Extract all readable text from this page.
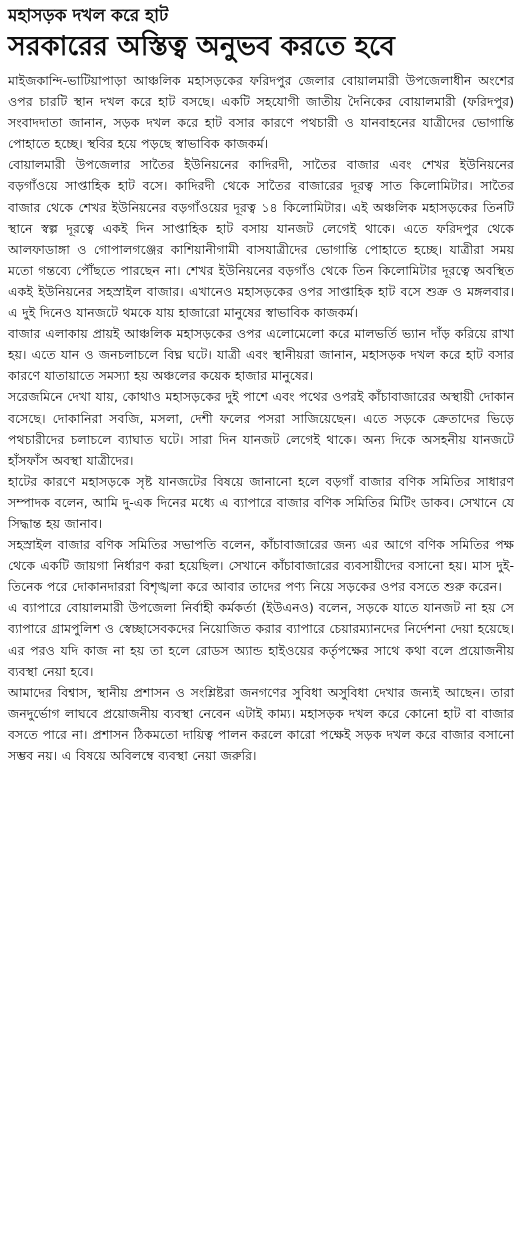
মহাসড়ক দখল করে হাট
সরকারের অস্তিত্ব অনুভব করতে হবে

মাইজকান্দি-ভাটিয়াপাড়া আঞ্চলিক মহাসড়কের ফরিদপুর জেলার বোয়ালমারী উপজেলাধীন অংশের ওপর চারটি স্থান দখল করে হাট বসছে। একটি সহযোগী জাতীয় দৈনিকের বোয়ালমারী (ফরিদপুর) সংবাদদাতা জানান, সড়ক দখল করে হাট বসার কারণে পথচারী ও যানবাহনের যাত্রীদের ভোগান্তি পোহাতে হচ্ছে। স্থবির হয়ে পড়ছে স্বাভাবিক কাজকর্ম।

বোয়ালমারী উপজেলার সাতৈর ইউনিয়নের কাদিরদী, সাতৈর বাজার এবং শেখর ইউনিয়নের বড়গাঁওয়ে সাপ্তাহিক হাট বসে। কাদিরদী থেকে সাতৈর বাজারের দূরত্ব সাত কিলোমিটার। সাতৈর বাজার থেকে শেখর ইউনিয়নের বড়গাঁওয়ের দূরত্ব ১৪ কিলোমিটার। এই অঞ্চলিক মহাসড়কের তিনটি স্থানে স্বল্প দূরত্বে একই দিন সাপ্তাহিক হাট বসায় যানজট লেগেই থাকে। এতে ফরিদপুর থেকে আলফাডাঙ্গা ও গোপালগঞ্জের কাশিয়ানীগামী বাসযাত্রীদের ভোগান্তি পোহাতে হচ্ছে। যাত্রীরা সময় মতো গন্তব্যে পৌঁছতে পারছেন না। শেখর ইউনিয়নের বড়গাঁও থেকে তিন কিলোমিটার দূরত্বে অবস্থিত একই ইউনিয়নের সহস্রাইল বাজার। এখানেও মহাসড়কের ওপর সাপ্তাহিক হাট বসে শুক্র ও মঙ্গলবার। এ দুই দিনেও যানজটে থমকে যায় হাজারো মানুষের স্বাভাবিক কাজকর্ম।

বাজার এলাকায় প্রায়ই আঞ্চলিক মহাসড়কের ওপর এলোমেলো করে মালভর্তি ভ্যান দাঁড় করিয়ে রাখা হয়। এতে যান ও জনচলাচলে বিঘ্ন ঘটে। যাত্রী এবং স্থানীয়রা জানান, মহাসড়ক দখল করে হাট বসার কারণে যাতায়াতে সমস্যা হয় অঞ্চলের কয়েক হাজার মানুষের।

সরেজমিনে দেখা যায়, কোথাও মহাসড়কের দুই পাশে এবং পথের ওপরই কাঁচাবাজারের অস্থায়ী দোকান বসেছে। দোকানিরা সবজি, মসলা, দেশী ফলের পসরা সাজিয়েছেন। এতে সড়কে ক্রেতাদের ভিড়ে পথচারীদের চলাচলে ব্যাঘাত ঘটে। সারা দিন যানজট লেগেই থাকে। অন্য দিকে অসহনীয় যানজটে হাঁসফাঁস অবস্থা যাত্রীদের।

হাটের কারণে মহাসড়কে সৃষ্ট যানজটের বিষয়ে জানানো হলে বড়গাঁ বাজার বণিক সমিতির সাধারণ সম্পাদক বলেন, আমি দু-এক দিনের মধ্যে এ ব্যাপারে বাজার বণিক সমিতির মিটিং ডাকব। সেখানে যে সিদ্ধান্ত হয় জানাব।

সহস্রাইল বাজার বণিক সমিতির সভাপতি বলেন, কাঁচাবাজারের জন্য এর আগে বণিক সমিতির পক্ষ থেকে একটি জায়গা নির্ধারণ করা হয়েছিল। সেখানে কাঁচাবাজারের ব্যবসায়ীদের বসানো হয়। মাস দুই-তিনেক পরে দোকানদাররা বিশৃঙ্খলা করে আবার তাদের পণ্য নিয়ে সড়কের ওপর বসতে শুরু করেন।

এ ব্যাপারে বোয়ালমারী উপজেলা নির্বাহী কর্মকর্তা (ইউএনও) বলেন, সড়কে যাতে যানজট না হয় সে ব্যাপারে গ্রামপুলিশ ও স্বেচ্ছাসেবকদের নিয়োজিত করার ব্যাপারে চেয়ারম্যানদের নির্দেশনা দেয়া হয়েছে। এর পরও যদি কাজ না হয় তা হলে রোডস অ্যান্ড হাইওয়ের কর্তৃপক্ষের সাথে কথা বলে প্রয়োজনীয় ব্যবস্থা নেয়া হবে।

আমাদের বিশ্বাস, স্থানীয় প্রশাসন ও সংশ্লিষ্টরা জনগণের সুবিধা অসুবিধা দেখার জন্যই আছেন। তারা জনদুর্ভোগ লাঘবে প্রয়োজনীয় ব্যবস্থা নেবেন এটাই কাম্য। মহাসড়ক দখল করে কোনো হাট বা বাজার বসতে পারে না। প্রশাসন ঠিকমতো দায়িত্ব পালন করলে কারো পক্ষেই সড়ক দখল করে বাজার বসানো সম্ভব নয়। এ বিষয়ে অবিলম্বে ব্যবস্থা নেয়া জরুরি।
